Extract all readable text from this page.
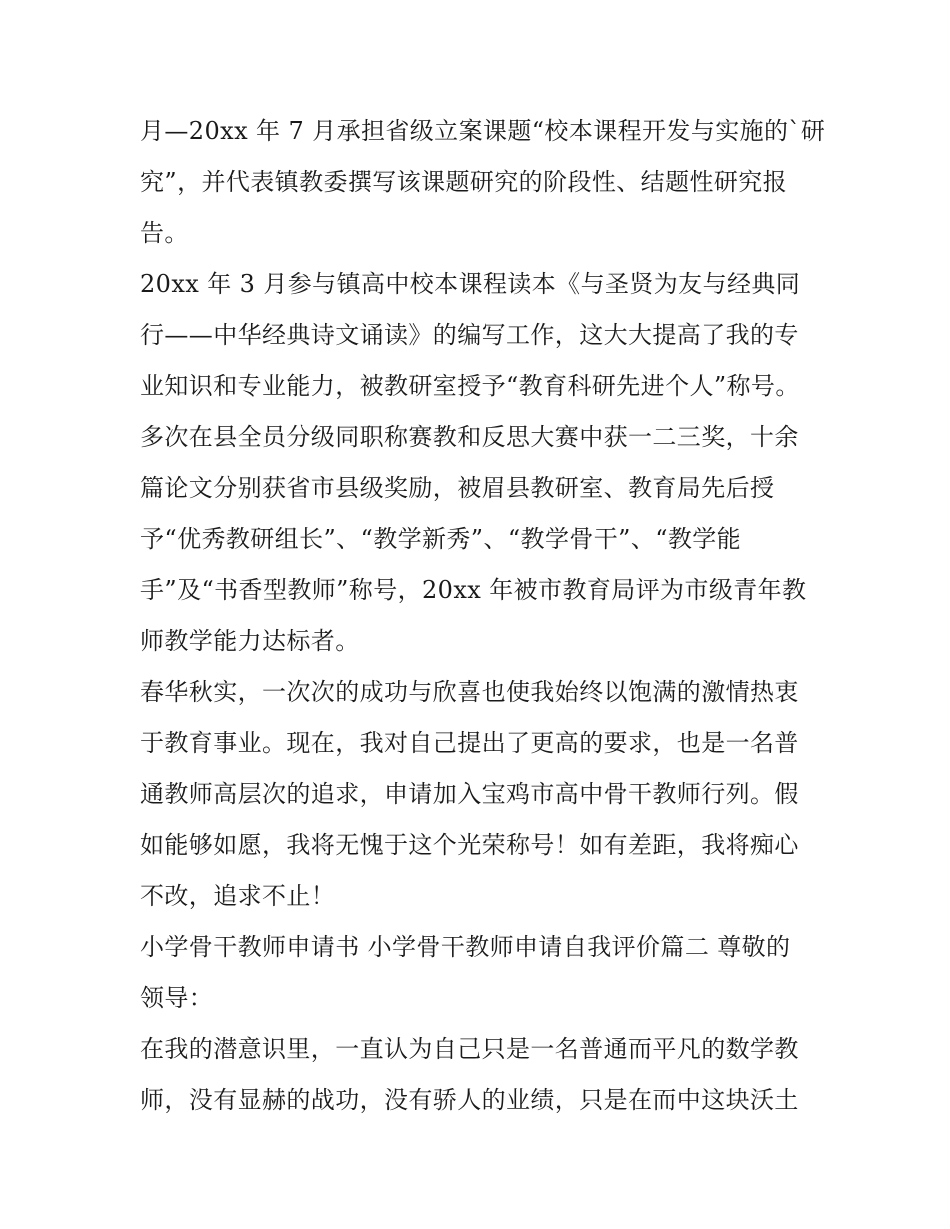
月—20xx 年 7 月承担省级立案课题“校本课程开发与实施的`研
究”，并代表镇教委撰写该课题研究的阶段性、结题性研究报
告。
20xx 年 3 月参与镇高中校本课程读本《与圣贤为友与经典同
行——中华经典诗文诵读》的编写工作，这大大提高了我的专
业知识和专业能力，被教研室授予“教育科研先进个人”称号。
多次在县全员分级同职称赛教和反思大赛中获一二三奖，十余
篇论文分别获省市县级奖励，被眉县教研室、教育局先后授
予“优秀教研组长”、“教学新秀”、“教学骨干”、“教学能
手”及“书香型教师”称号，20xx 年被市教育局评为市级青年教
师教学能力达标者。
春华秋实，一次次的成功与欣喜也使我始终以饱满的激情热衷
于教育事业。现在，我对自己提出了更高的要求，也是一名普
通教师高层次的追求，申请加入宝鸡市高中骨干教师行列。假
如能够如愿，我将无愧于这个光荣称号！如有差距，我将痴心
不改，追求不止！
小学骨干教师申请书 小学骨干教师申请自我评价篇二 尊敬的
领导：
在我的潜意识里，一直认为自己只是一名普通而平凡的数学教
师，没有显赫的战功，没有骄人的业绩，只是在而中这块沃土
